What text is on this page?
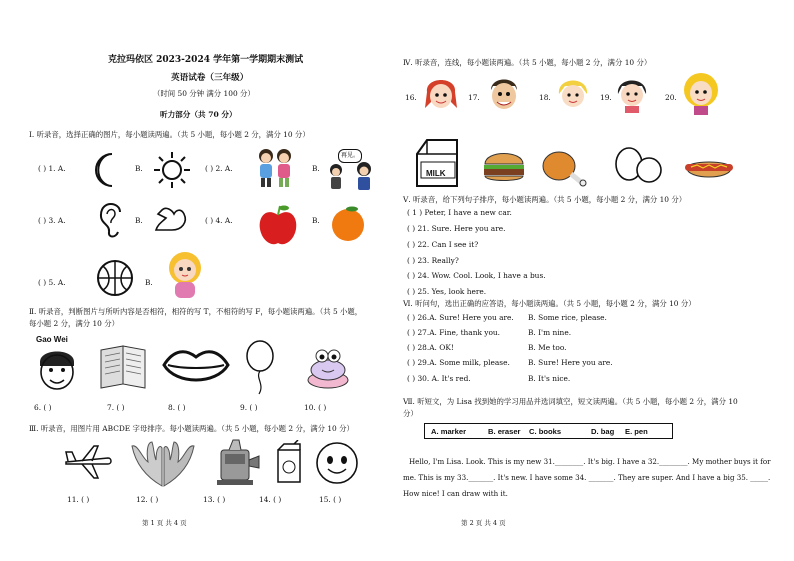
克拉玛依区 2023-2024 学年第一学期期末测试
英语试卷（三年级）
（时间 50 分钟 满分 100 分）
听力部分（共 70 分）
Ⅰ. 听录音，选择正确的图片，每小题读两遍。（共 5 小题，每小题 2 分，满分 10 分）
( ) 1. A.	B.	( ) 2. A.	B.
再见。
( ) 3. A.	B.	( ) 4. A.	B.
( ) 5. A.	B.
Ⅱ. 听录音，判断图片与所听内容是否相符，相符的写 T，不相符的写 F，每小题读两遍。（共 5 小题，
每小题 2 分，满分 10 分）
Gao Wei
6. ( )	7. ( )	8. ( )	9. ( )	10. ( )
Ⅲ. 听录音，用图片用 ABCDE 字母排序。每小题读两遍。（共 5 小题，每小题 2 分，满分 10 分）
11. ( )	12. ( )	13. ( )	14. ( )	15. ( )
第 1 页 共 4 页
Ⅳ. 听录音，连线，每小题读两遍。（共 5 小题，每小题 2 分，满分 10 分）
16.	17.	18.	19.	20.
MILK
Ⅴ. 听录音，给下列句子排序，每小题读两遍。（共 5 小题，每小题 2 分，满分 10 分）
( 1 ) Peter, I have a new car.
( ) 21. Sure. Here you are.
( ) 22. Can I see it?
( ) 23. Really?
( ) 24. Wow. Cool. Look, I have a bus.
( ) 25. Yes, look here.
Ⅵ. 听问句，选出正确的应答语，每小题读两遍。（共 5 小题，每小题 2 分，满分 10 分）
( ) 26.A. Sure! Here you are. B. Some rice, please.
( ) 27.A. Fine, thank you.	B. I'm nine.
( ) 28.A. OK!	B. Me too.
( ) 29.A. Some milk, please. B. Sure! Here you are.
( ) 30. A. It's red.	B. It's nice.
Ⅶ. 听短文，为 Lisa 找到她的学习用品并选词填空，短文读两遍。（共 5 小题，每小题 2 分，满分 10
分）
A. marker	B. eraser C. books	D. bag E. pen
Hello, I'm Lisa. Look. This is my new 31.________. It's big. I have a 32.________. My mother buys it for
me. This is my 33._______. It's new. I have some 34. _______. They are super. And I have a big 35. _____.
How nice! I can draw with it.
第 2 页 共 4 页
